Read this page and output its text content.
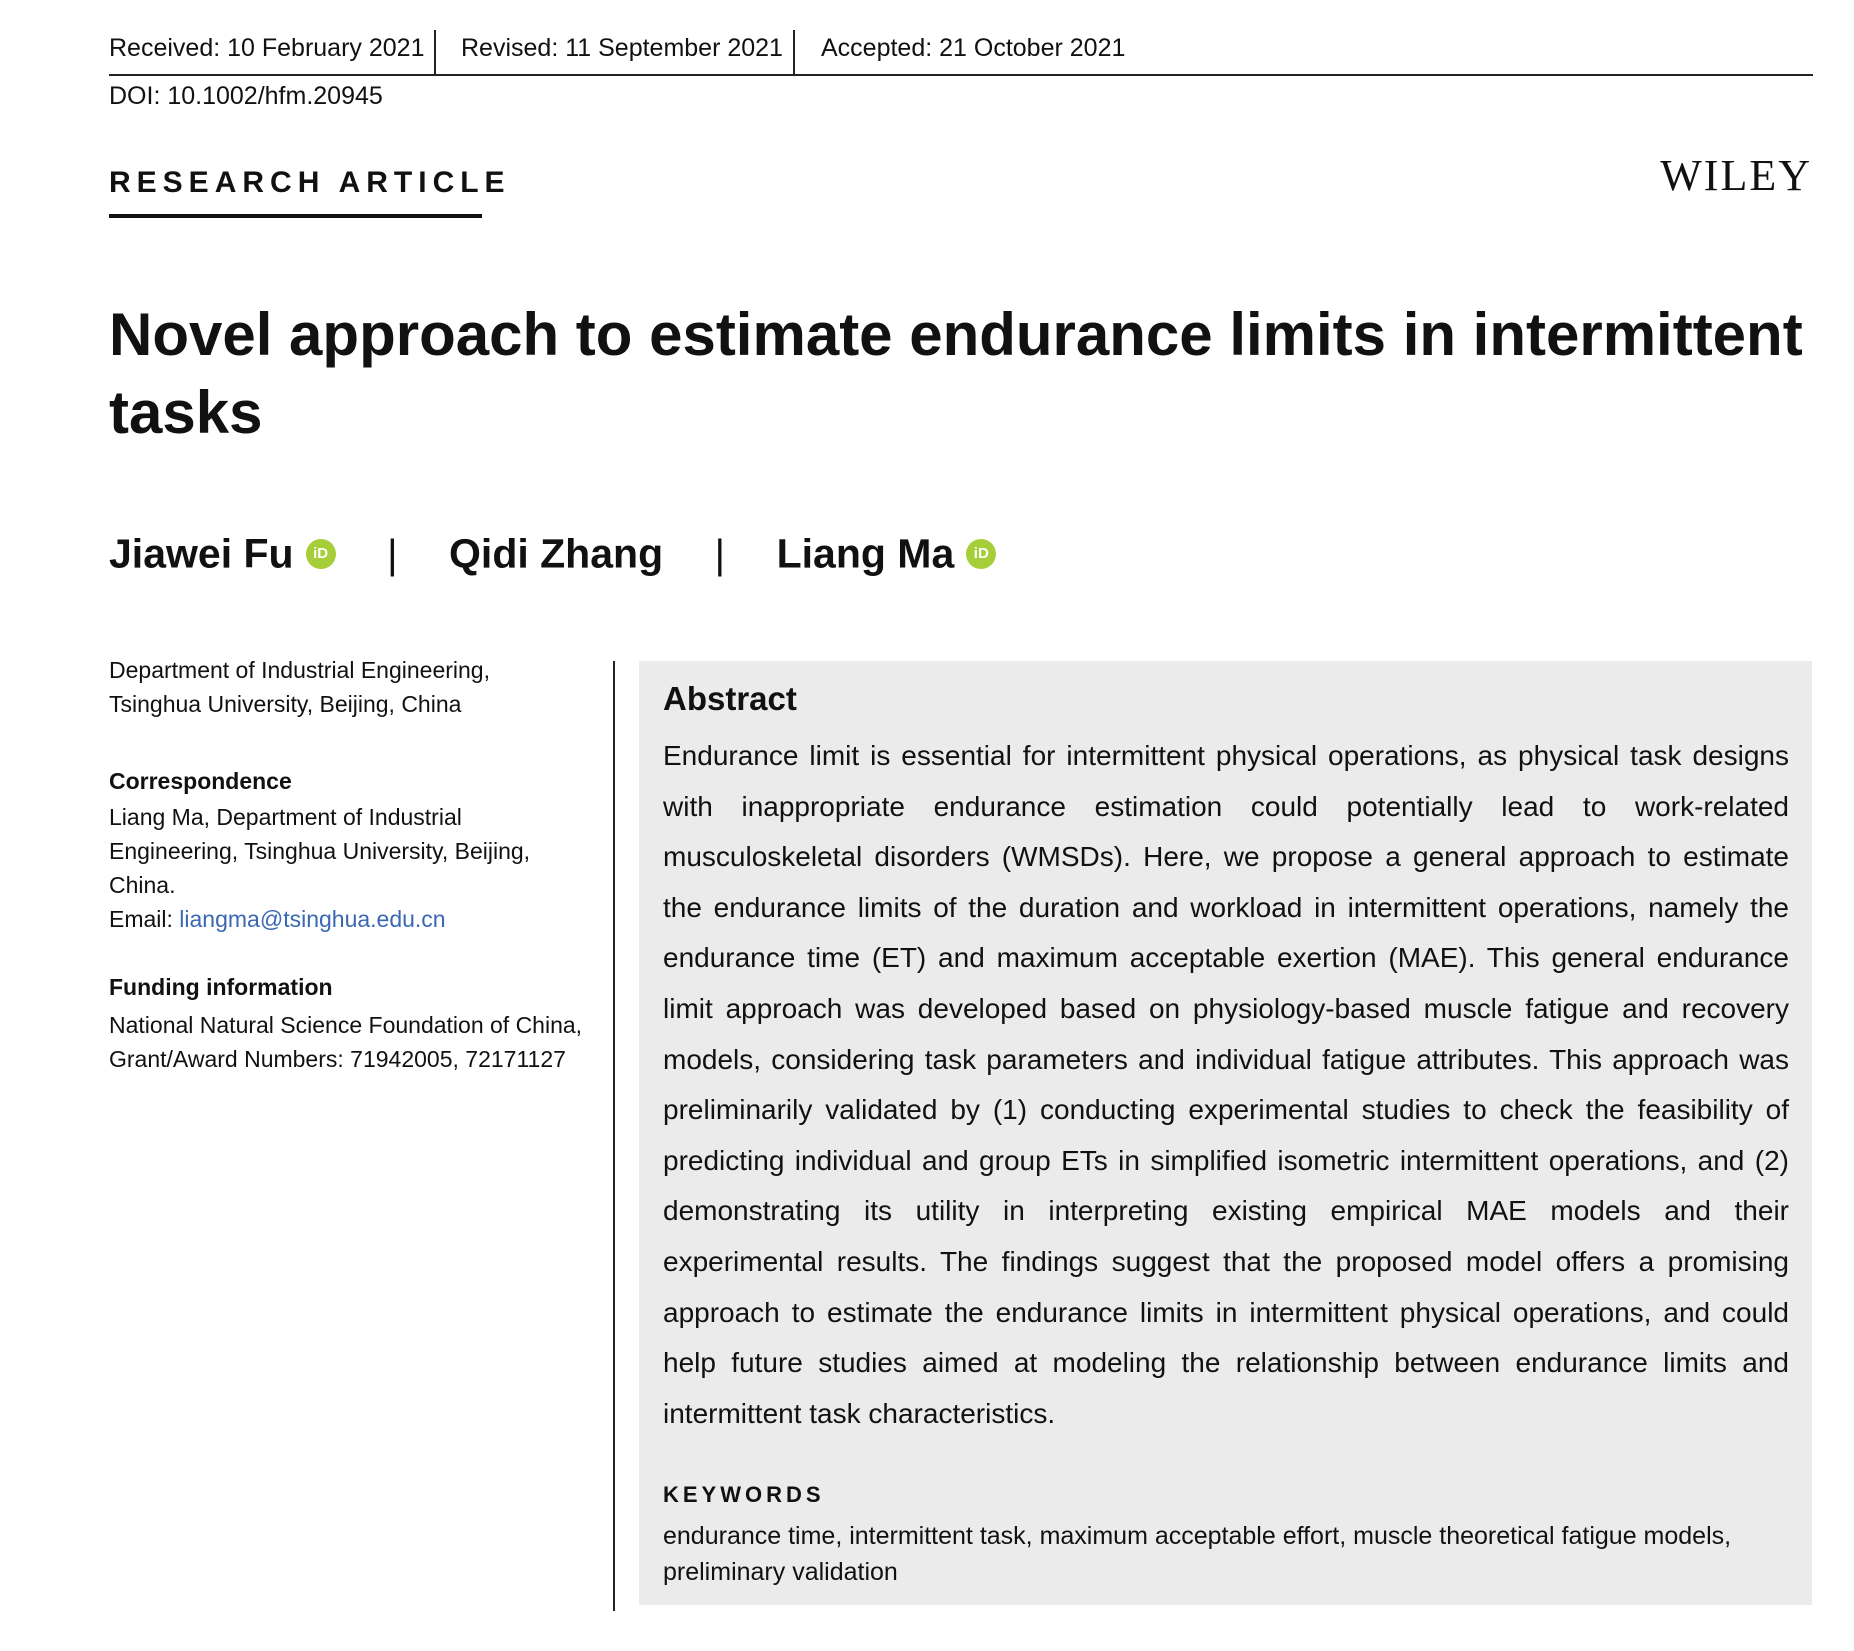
Received: 10 February 2021 Revised: 11 September 2021 Accepted: 21 October 2021
DOI: 10.1002/hfm.20945
RESEARCH ARTICLE	WILEY
Novel approach to estimate endurance limits in intermittent tasks
Jiawei Fu iD | Qidi Zhang | Liang Ma iD
Department of Industrial Engineering,
Tsinghua University, Beijing, China
Correspondence
Liang Ma, Department of Industrial
Engineering, Tsinghua University, Beijing,
China.
Email: liangma@tsinghua.edu.cn
Funding information
National Natural Science Foundation of China,
Grant/Award Numbers: 71942005, 72171127
Abstract
Endurance limit is essential for intermittent physical operations, as physical task designs with inappropriate endurance estimation could potentially lead to work-related musculoskeletal disorders (WMSDs). Here, we propose a general approach to estimate the endurance limits of the duration and workload in intermittent operations, namely the endurance time (ET) and maximum acceptable exertion (MAE). This general endurance limit approach was developed based on physiology-based muscle fatigue and recovery models, considering task parameters and individual fatigue attributes. This approach was preliminarily validated by (1) conducting experimental studies to check the feasibility of predicting individual and group ETs in simplified isometric intermittent operations, and (2) demonstrating its utility in interpreting existing empirical MAE models and their experimental results. The findings suggest that the proposed model offers a promising approach to estimate the endurance limits in intermittent physical operations, and could help future studies aimed at modeling the relationship between endurance limits and intermittent task characteristics.
KEYWORDS
endurance time, intermittent task, maximum acceptable effort, muscle theoretical fatigue models, preliminary validation
